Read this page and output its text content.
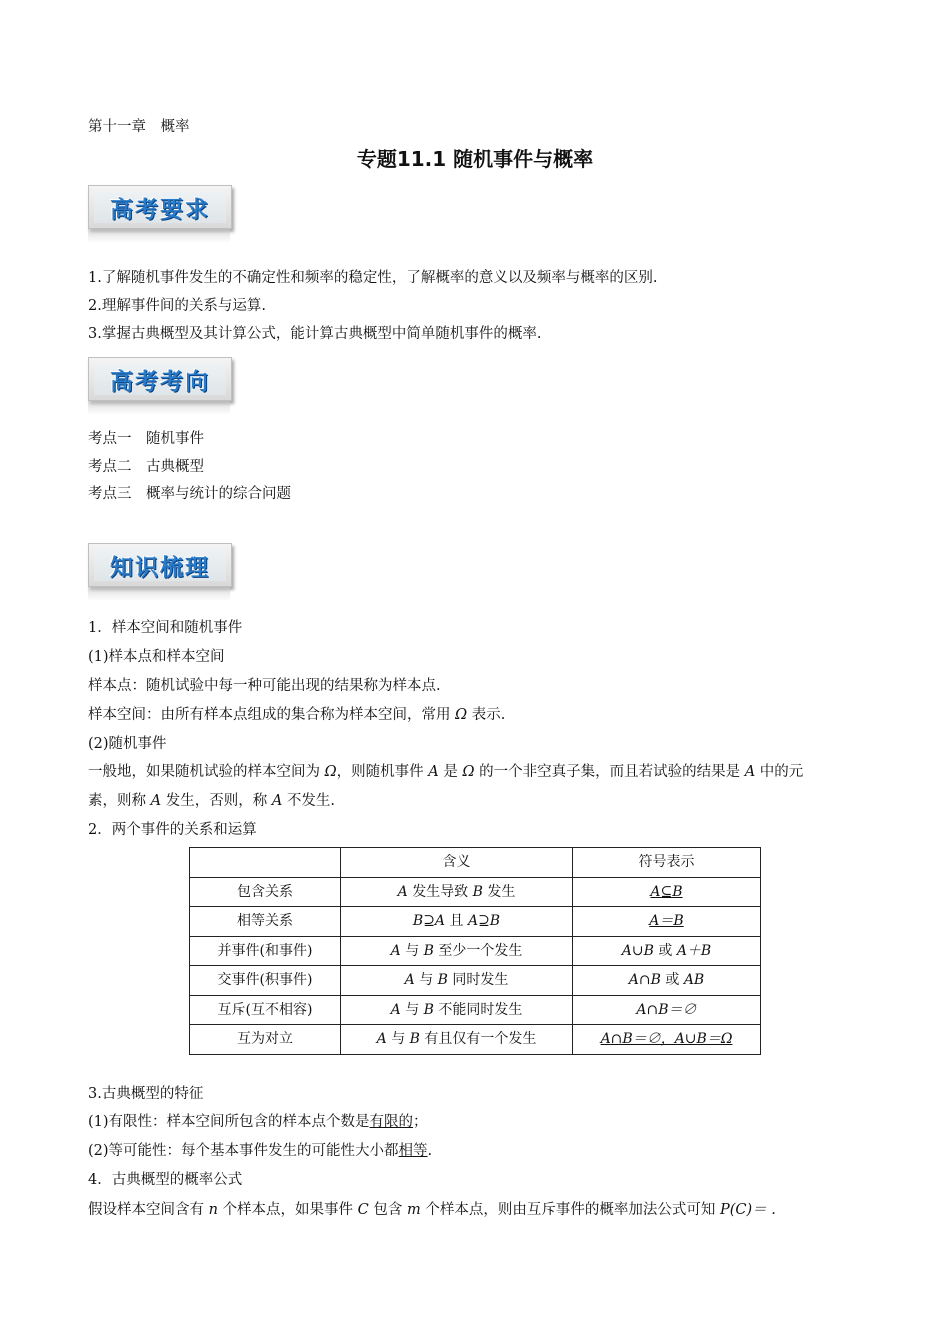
第十一章　概率
专题11.1 随机事件与概率
高考要求
1.了解随机事件发生的不确定性和频率的稳定性，了解概率的意义以及频率与概率的区别.
2.理解事件间的关系与运算.
3.掌握古典概型及其计算公式，能计算古典概型中简单随机事件的概率.
高考考向
考点一　随机事件
考点二　古典概型
考点三　概率与统计的综合问题
知识梳理
1．样本空间和随机事件
(1)样本点和样本空间
样本点：随机试验中每一种可能出现的结果称为样本点.
样本空间：由所有样本点组成的集合称为样本空间，常用 Ω 表示.
(2)随机事件
一般地，如果随机试验的样本空间为 Ω，则随机事件 A 是 Ω 的一个非空真子集，而且若试验的结果是 A 中的元
素，则称 A 发生，否则，称 A 不发生.
2．两个事件的关系和运算
	含义	符号表示
包含关系	A 发生导致 B 发生	A⊆B
相等关系	B⊇A 且 A⊇B	A＝B
并事件(和事件)	A 与 B 至少一个发生	A∪B 或 A＋B
交事件(积事件)	A 与 B 同时发生	A∩B 或 AB
互斥(互不相容)	A 与 B 不能同时发生	A∩B＝∅
互为对立	A 与 B 有且仅有一个发生	A∩B＝∅，A∪B＝Ω
3.古典概型的特征
(1)有限性：样本空间所包含的样本点个数是有限的；
(2)等可能性：每个基本事件发生的可能性大小都相等.
4．古典概型的概率公式
假设样本空间含有 n 个样本点，如果事件 C 包含 m 个样本点，则由互斥事件的概率加法公式可知 P(C)＝ .
